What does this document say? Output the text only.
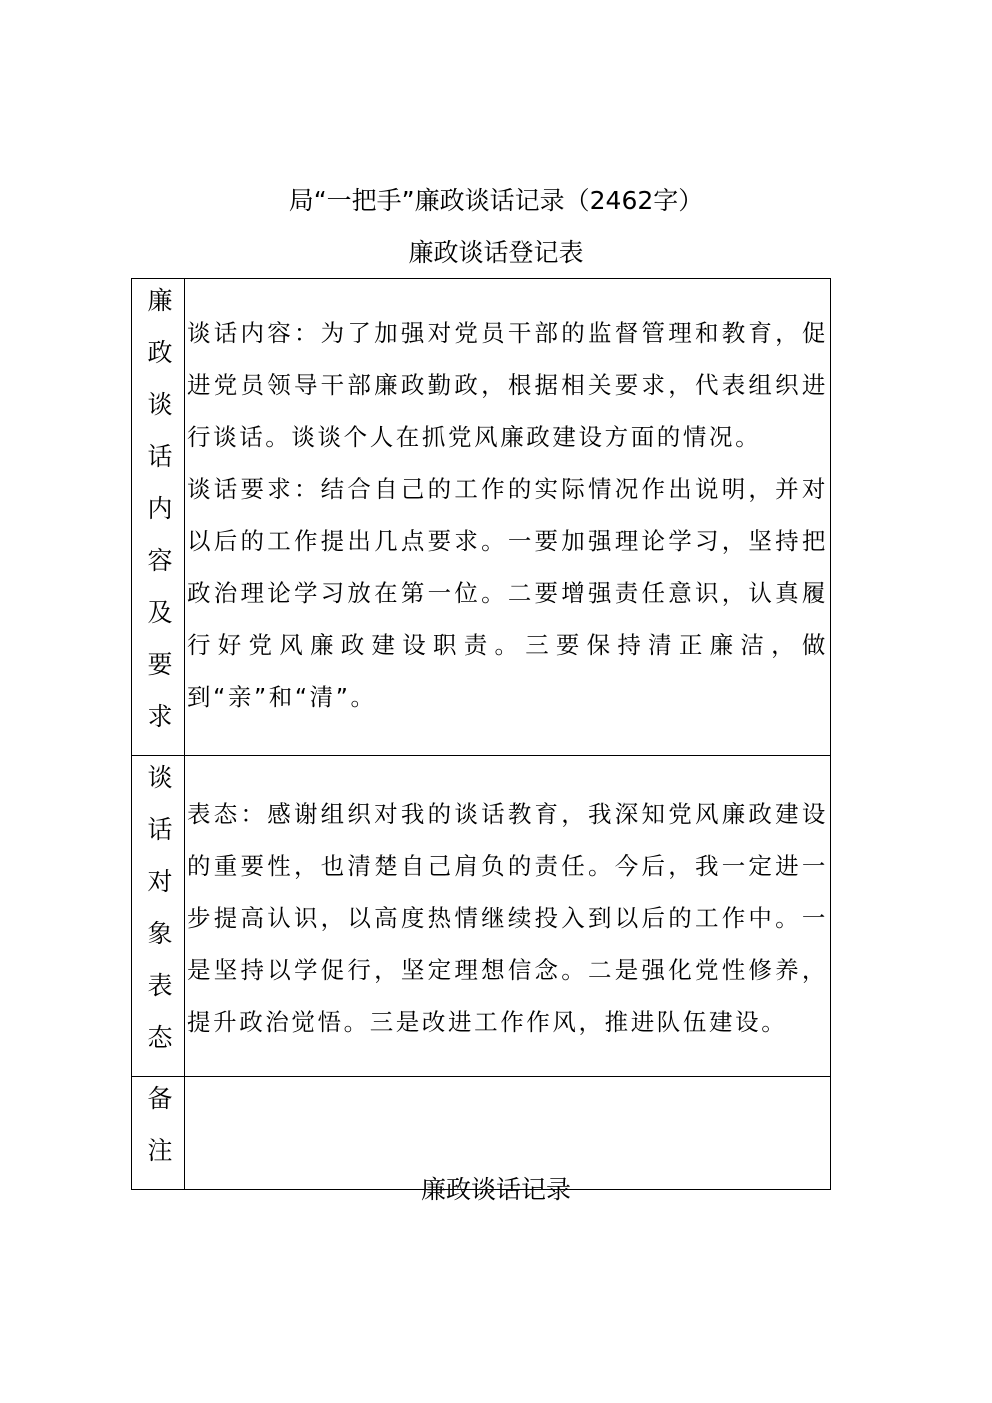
局“一把手”廉政谈话记录（2462字）
廉政谈话登记表
廉政谈话内容及要求	谈话内容：为了加强对党员干部的监督管理和教育，促进党员领导干部廉政勤政，根据相关要求，代表组织进行谈话。谈谈个人在抓党风廉政建设方面的情况。

谈话要求：结合自己的工作的实际情况作出说明，并对以后的工作提出几点要求。一要加强理论学习，坚持把政治理论学习放在第一位。二要增强责任意识，认真履行好党风廉政建设职责。三要保持清正廉洁，做到“亲”和“清”。

谈话对象表态	表态：感谢组织对我的谈话教育，我深知党风廉政建设的重要性，也清楚自己肩负的责任。今后，我一定进一步提高认识，以高度热情继续投入到以后的工作中。一是坚持以学促行，坚定理想信念。二是强化党性修养，提升政治觉悟。三是改进工作作风，推进队伍建设。

备注	

廉政谈话记录
